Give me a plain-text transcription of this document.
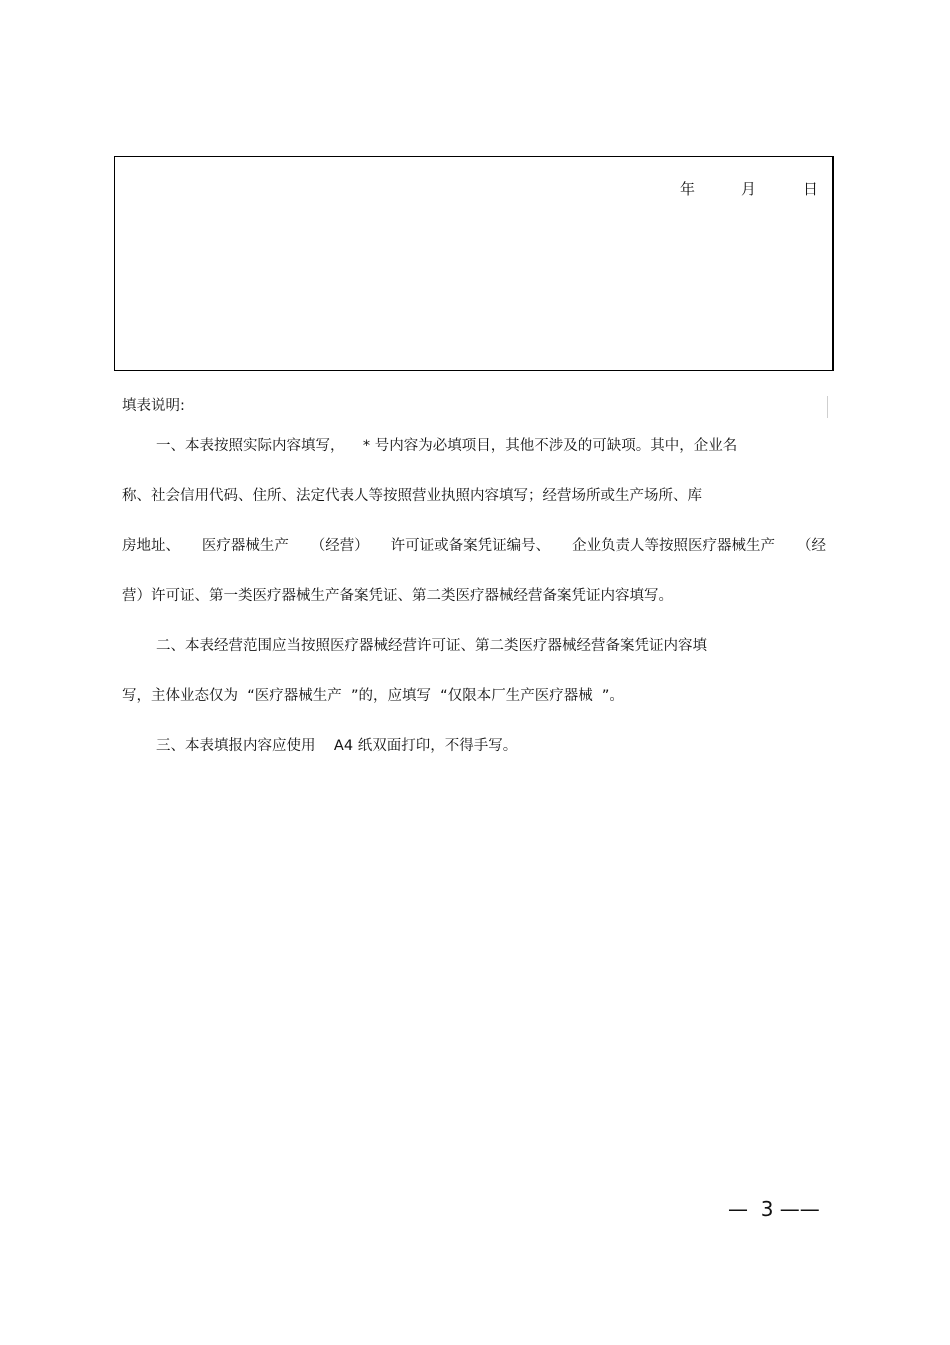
年	月	日
填表说明:
一、本表按照实际内容填写，    * 号内容为必填项目，其他不涉及的可缺项。其中，企业名
称、社会信用代码、住所、法定代表人等按照营业执照内容填写；经营场所或生产场所、库
房地址、 医疗器械生产 （经营） 许可证或备案凭证编号、 企业负责人等按照医疗器械生产 （经
营）许可证、第一类医疗器械生产备案凭证、第二类医疗器械经营备案凭证内容填写。
二、本表经营范围应当按照医疗器械经营许可证、第二类医疗器械经营备案凭证内容填
写，主体业态仅为  “医疗器械生产  ”的，应填写  “仅限本厂生产医疗器械  ”。
三、本表填报内容应使用    A4 纸双面打印，不得手写。
—  3 ——
